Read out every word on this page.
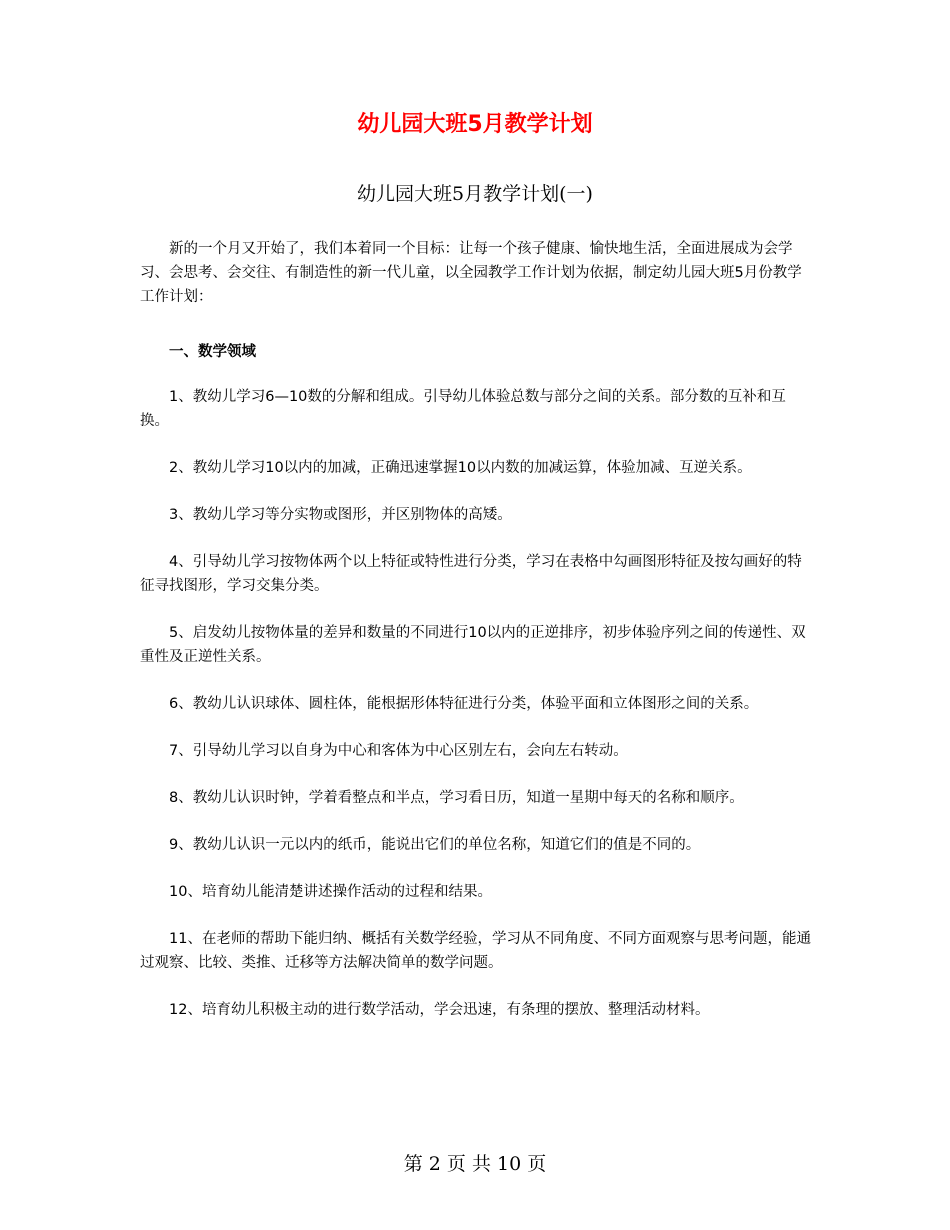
幼儿园大班5月教学计划
幼儿园大班5月教学计划(一)

新的一个月又开始了，我们本着同一个目标：让每一个孩子健康、愉快地生活，全面进展成为会学习、会思考、会交往、有制造性的新一代儿童，以全园教学工作计划为依据，制定幼儿园大班5月份教学工作计划：

一、数学领域

1、教幼儿学习6—10数的分解和组成。引导幼儿体验总数与部分之间的关系。部分数的互补和互换。

2、教幼儿学习10以内的加减，正确迅速掌握10以内数的加减运算，体验加减、互逆关系。

3、教幼儿学习等分实物或图形，并区别物体的高矮。

4、引导幼儿学习按物体两个以上特征或特性进行分类，学习在表格中勾画图形特征及按勾画好的特征寻找图形，学习交集分类。

5、启发幼儿按物体量的差异和数量的不同进行10以内的正逆排序，初步体验序列之间的传递性、双重性及正逆性关系。

6、教幼儿认识球体、圆柱体，能根据形体特征进行分类，体验平面和立体图形之间的关系。

7、引导幼儿学习以自身为中心和客体为中心区别左右，会向左右转动。

8、教幼儿认识时钟，学着看整点和半点，学习看日历，知道一星期中每天的名称和顺序。

9、教幼儿认识一元以内的纸币，能说出它们的单位名称，知道它们的值是不同的。

10、培育幼儿能清楚讲述操作活动的过程和结果。

11、在老师的帮助下能归纳、概括有关数学经验，学习从不同角度、不同方面观察与思考问题，能通过观察、比较、类推、迁移等方法解决简单的数学问题。

12、培育幼儿积极主动的进行数学活动，学会迅速，有条理的摆放、整理活动材料。

第 2 页 共 10 页
